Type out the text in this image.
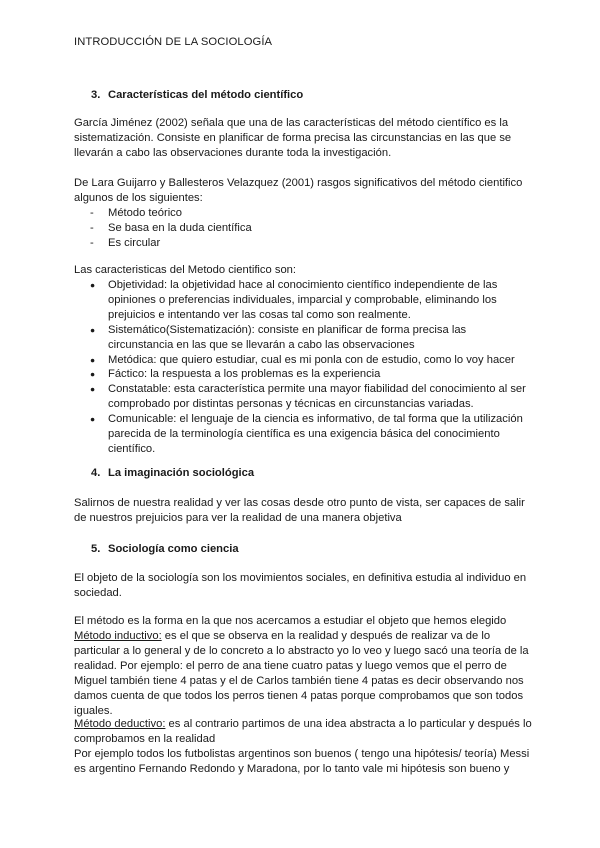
INTRODUCCIÓN DE LA SOCIOLOGÍA
3. Características del método científico
García Jiménez (2002) señala que una de las características del método científico es la sistematización. Consiste en planificar de forma precisa las circunstancias en las que se llevarán a cabo las observaciones durante toda la investigación.
De Lara Guijarro y Ballesteros Velazquez (2001) rasgos significativos del método cientifico algunos de los siguientes:
- Método teórico
- Se basa en la duda científica
- Es circular
Las caracteristicas del Metodo cientifico son:
● Objetividad: la objetividad hace al conocimiento científico independiente de las opiniones o preferencias individuales, imparcial y comprobable, eliminando los prejuicios e intentando ver las cosas tal como son realmente.
● Sistemático(Sistematización): consiste en planificar de forma precisa las circunstancia en las que se llevarán a cabo las observaciones
● Metódica: que quiero estudiar, cual es mi ponla con de estudio, como lo voy hacer
● Fáctico: la respuesta a los problemas es la experiencia
● Constatable: esta característica permite una mayor fiabilidad del conocimiento al ser comprobado por distintas personas y técnicas en circunstancias variadas.
● Comunicable: el lenguaje de la ciencia es informativo, de tal forma que la utilización parecida de la terminología científica es una exigencia básica del conocimiento científico.
4. La imaginación sociológica
Salirnos de nuestra realidad y ver las cosas desde otro punto de vista, ser capaces de salir de nuestros prejuicios para ver la realidad de una manera objetiva
5. Sociología como ciencia
El objeto de la sociología son los movimientos sociales, en definitiva estudia al individuo en sociedad.
El método es la forma en la que nos acercamos a estudiar el objeto que hemos elegido
Método inductivo: es el que se observa en la realidad y después de realizar va de lo particular a lo general y de lo concreto a lo abstracto yo lo veo y luego sacó una teoría de la realidad. Por ejemplo: el perro de ana tiene cuatro patas y luego vemos que el perro de Miguel también tiene 4 patas y el de Carlos también tiene 4 patas es decir observando nos damos cuenta de que todos los perros tienen 4 patas porque comprobamos que son todos iguales.
Método deductivo: es al contrario partimos de una idea abstracta a lo particular y después lo comprobamos en la realidad
Por ejemplo todos los futbolistas argentinos son buenos ( tengo una hipótesis/ teoría) Messi es argentino Fernando Redondo y Maradona, por lo tanto vale mi hipótesis son bueno y
